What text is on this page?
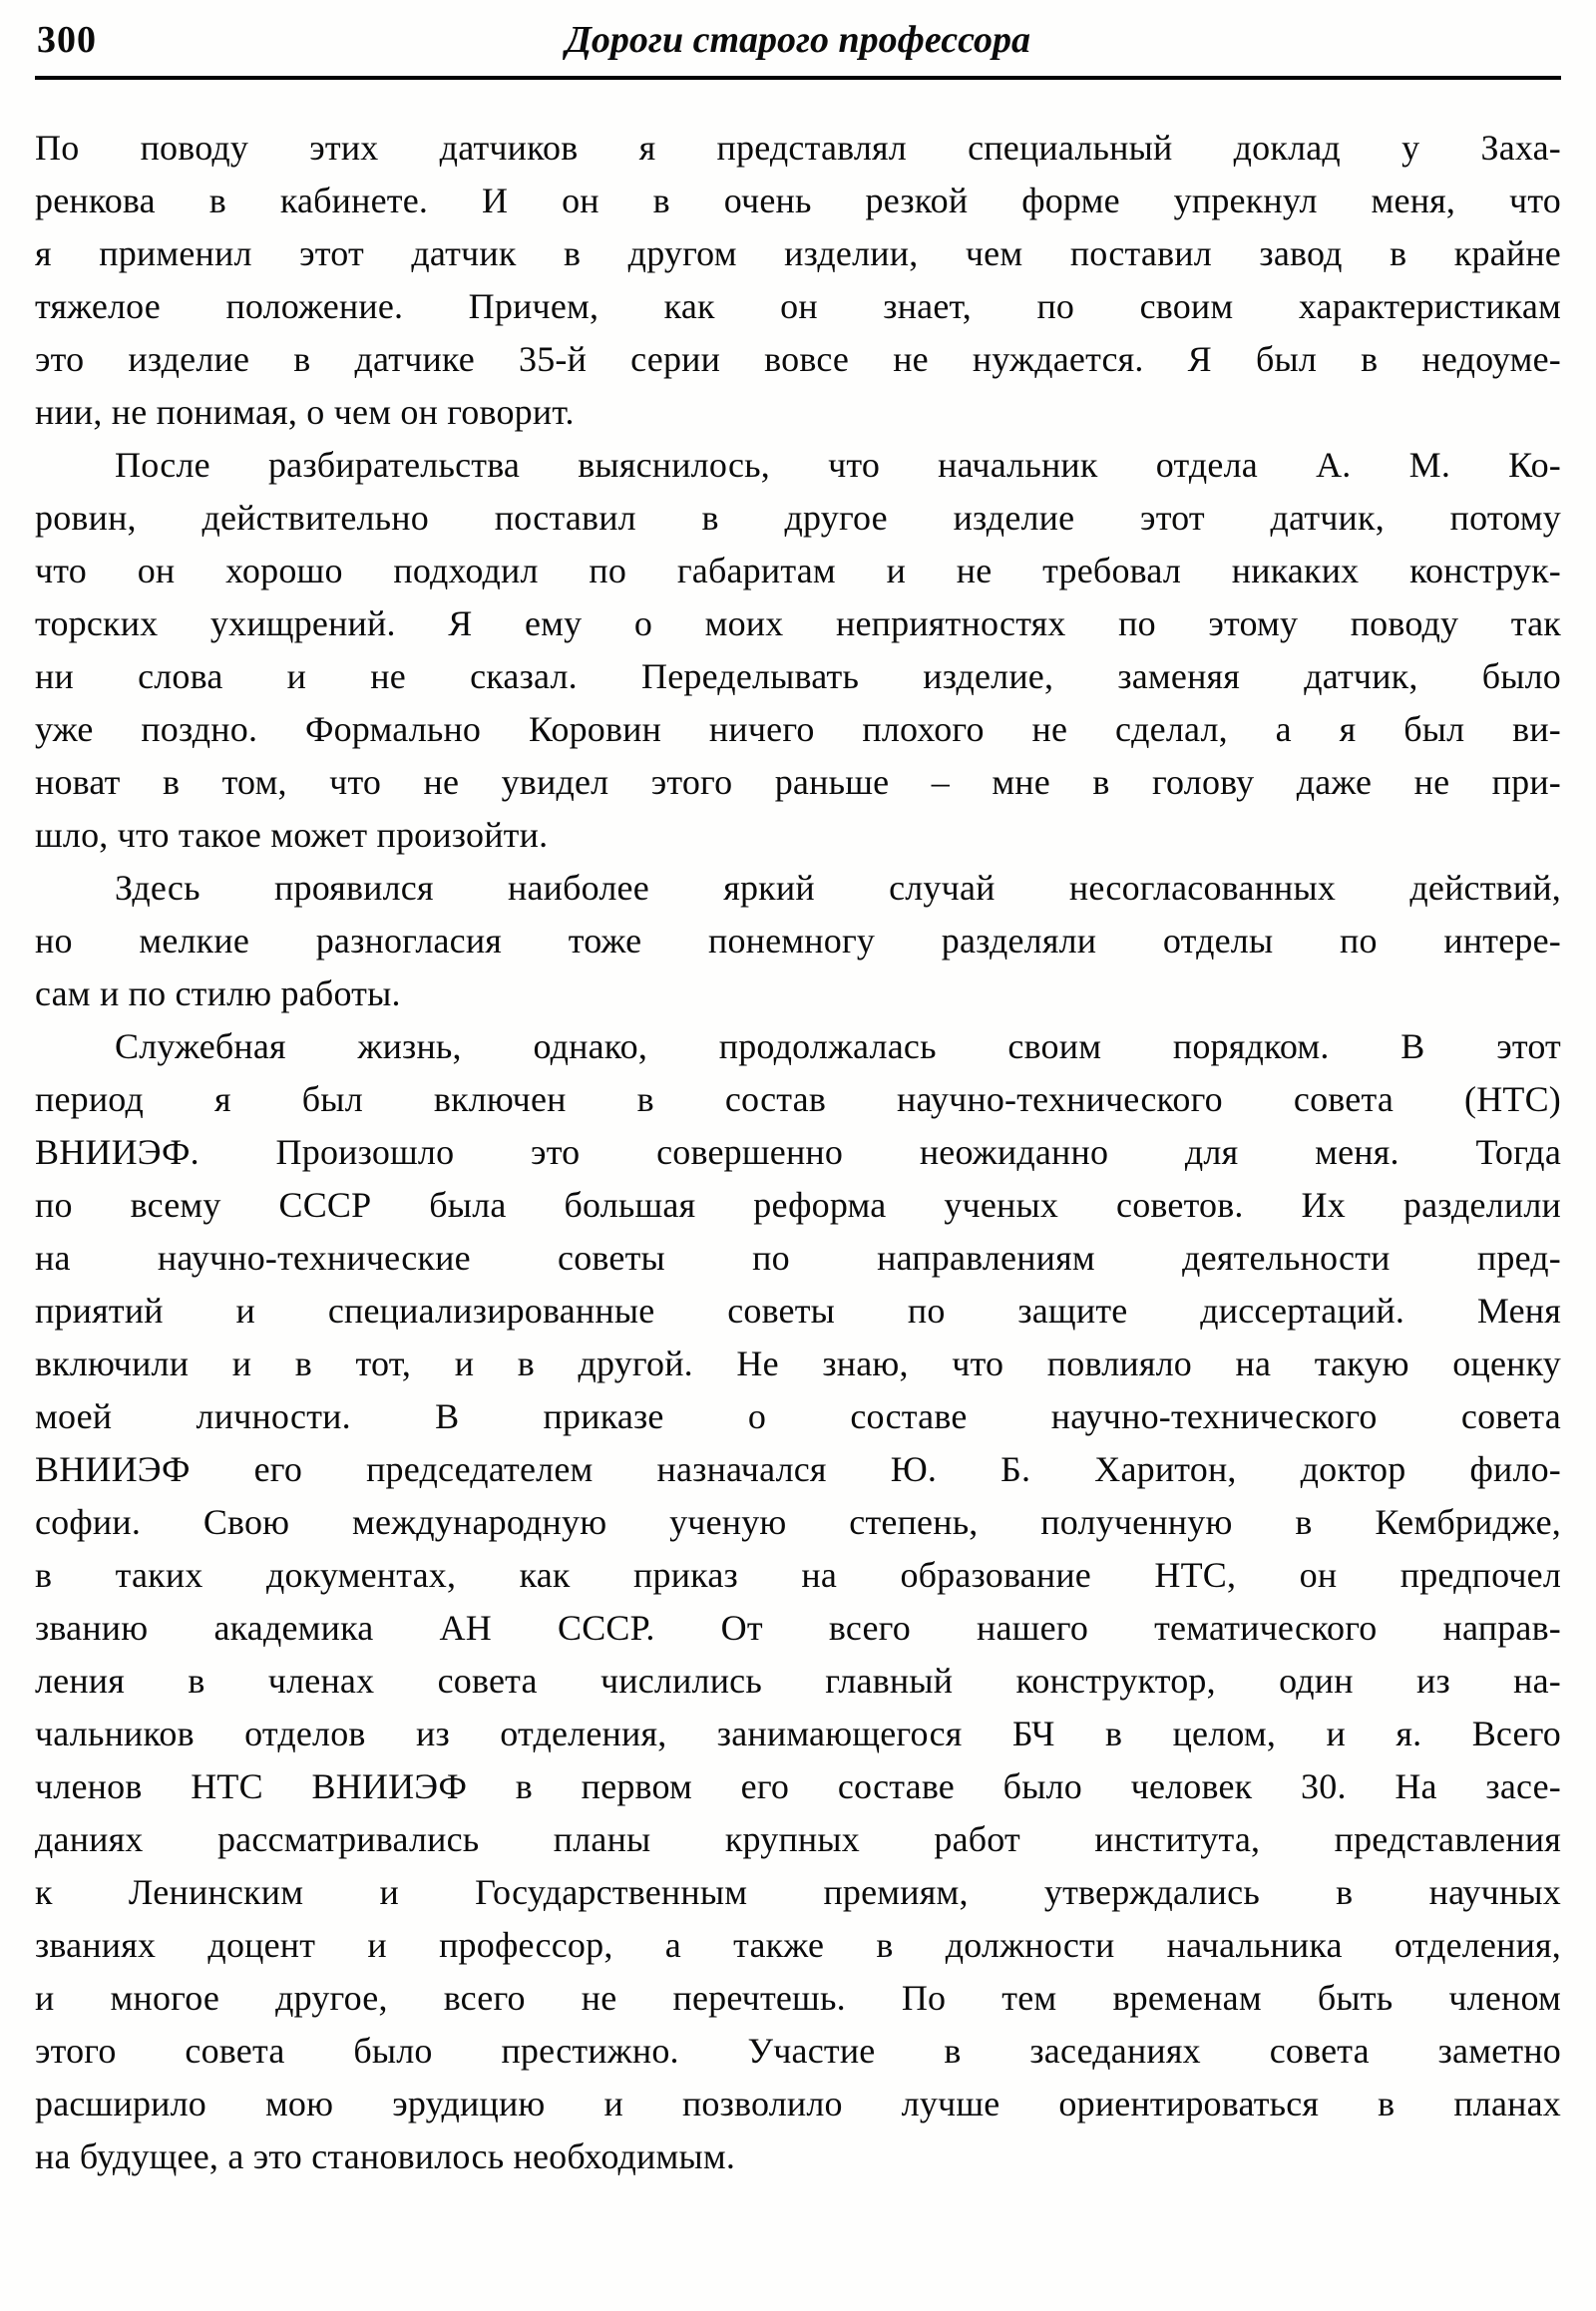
300	Дороги старого профессора
По поводу этих датчиков я представлял специальный доклад у Заха-
ренкова в кабинете. И он в очень резкой форме упрекнул меня, что
я применил этот датчик в другом изделии, чем поставил завод в крайне
тяжелое положение. Причем, как он знает, по своим характеристикам
это изделие в датчике 35-й серии вовсе не нуждается. Я был в недоуме-
нии, не понимая, о чем он говорит.
После разбирательства выяснилось, что начальник отдела А. М. Ко-
ровин, действительно поставил в другое изделие этот датчик, потому
что он хорошо подходил по габаритам и не требовал никаких конструк-
торских ухищрений. Я ему о моих неприятностях по этому поводу так
ни слова и не сказал. Переделывать изделие, заменяя датчик, было
уже поздно. Формально Коровин ничего плохого не сделал, а я был ви-
новат в том, что не увидел этого раньше – мне в голову даже не при-
шло, что такое может произойти.
Здесь проявился наиболее яркий случай несогласованных действий,
но мелкие разногласия тоже понемногу разделяли отделы по интере-
сам и по стилю работы.
Служебная жизнь, однако, продолжалась своим порядком. В этот
период я был включен в состав научно-технического совета (НТС)
ВНИИЭФ. Произошло это совершенно неожиданно для меня. Тогда
по всему СССР была большая реформа ученых советов. Их разделили
на научно-технические советы по направлениям деятельности пред-
приятий и специализированные советы по защите диссертаций. Меня
включили и в тот, и в другой. Не знаю, что повлияло на такую оценку
моей личности. В приказе о составе научно-технического совета
ВНИИЭФ его председателем назначался Ю. Б. Харитон, доктор фило-
софии. Свою международную ученую степень, полученную в Кембридже,
в таких документах, как приказ на образование НТС, он предпочел
званию академика АН СССР. От всего нашего тематического направ-
ления в членах совета числились главный конструктор, один из на-
чальников отделов из отделения, занимающегося БЧ в целом, и я. Всего
членов НТС ВНИИЭФ в первом его составе было человек 30. На засе-
даниях рассматривались планы крупных работ института, представления
к Ленинским и Государственным премиям, утверждались в научных
званиях доцент и профессор, а также в должности начальника отделения,
и многое другое, всего не перечтешь. По тем временам быть членом
этого совета было престижно. Участие в заседаниях совета заметно
расширило мою эрудицию и позволило лучше ориентироваться в планах
на будущее, а это становилось необходимым.
